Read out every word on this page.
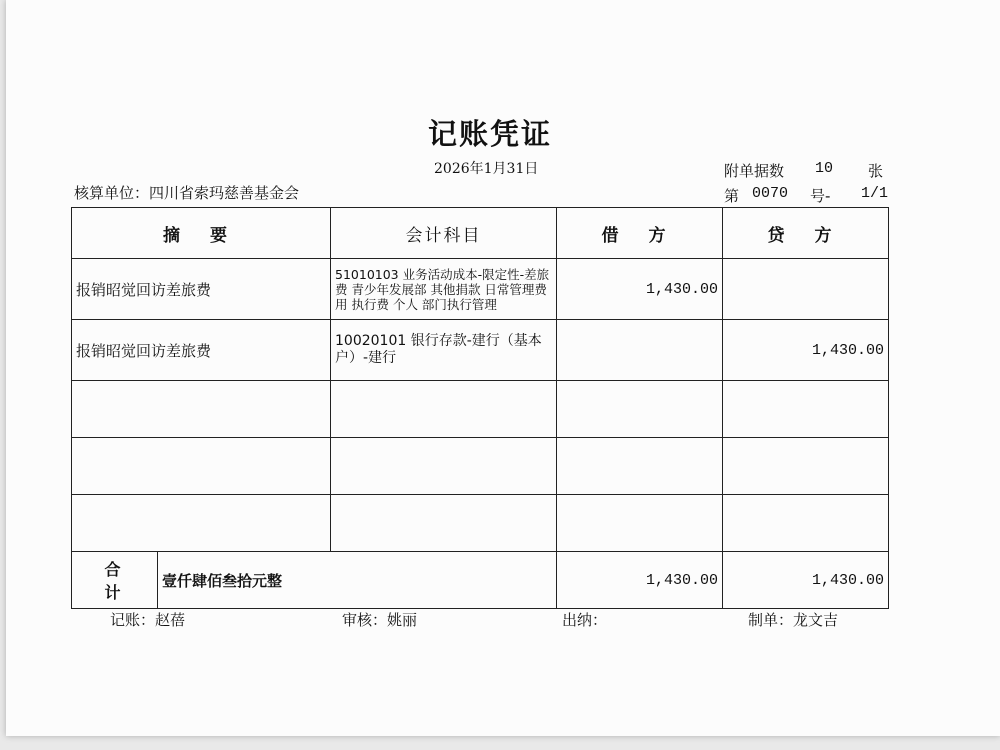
记账凭证
2026年1月31日	附单据数 10 张
核算单位：四川省索玛慈善基金会	第 0070 号- 1/1
摘 要		会计科目	借 方	贷 方
报销昭觉回访差旅费		51010103 业务活动成本-限定性-差旅费 青少年发展部 其他捐款 日常管理费用 执行费 个人 部门执行管理	1,430.00	
报销昭觉回访差旅费		10020101 银行存款-建行（基本户）-建行		1,430.00

合 计	壹仟肆佰叁拾元整		1,430.00	1,430.00
记账：赵蓓	审核：姚丽	出纳：	制单：龙文吉
